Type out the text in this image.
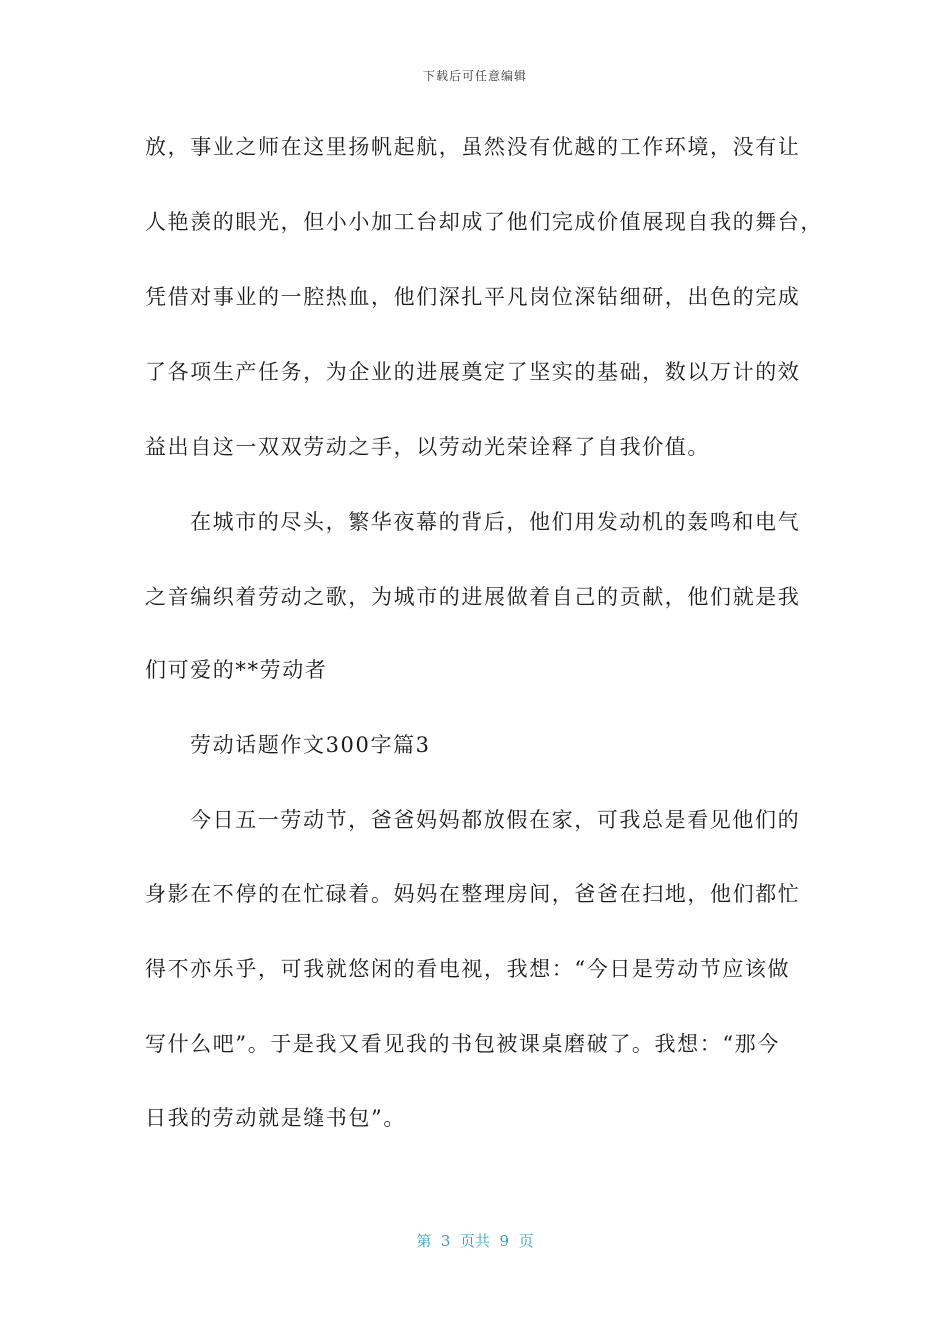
下载后可任意编辑
放，事业之师在这里扬帆起航，虽然没有优越的工作环境，没有让
人艳羡的眼光，但小小加工台却成了他们完成价值展现自我的舞台，
凭借对事业的一腔热血，他们深扎平凡岗位深钻细研，出色的完成
了各项生产任务，为企业的进展奠定了坚实的基础，数以万计的效
益出自这一双双劳动之手，以劳动光荣诠释了自我价值。
在城市的尽头，繁华夜幕的背后，他们用发动机的轰鸣和电气
之音编织着劳动之歌，为城市的进展做着自己的贡献，他们就是我
们可爱的**劳动者
劳动话题作文300字篇3
今日五一劳动节，爸爸妈妈都放假在家，可我总是看见他们的
身影在不停的在忙碌着。妈妈在整理房间，爸爸在扫地，他们都忙
得不亦乐乎，可我就悠闲的看电视，我想：“今日是劳动节应该做
写什么吧”。于是我又看见我的书包被课桌磨破了。我想：“那今
日我的劳动就是缝书包”。
第  3  页共  9  页
